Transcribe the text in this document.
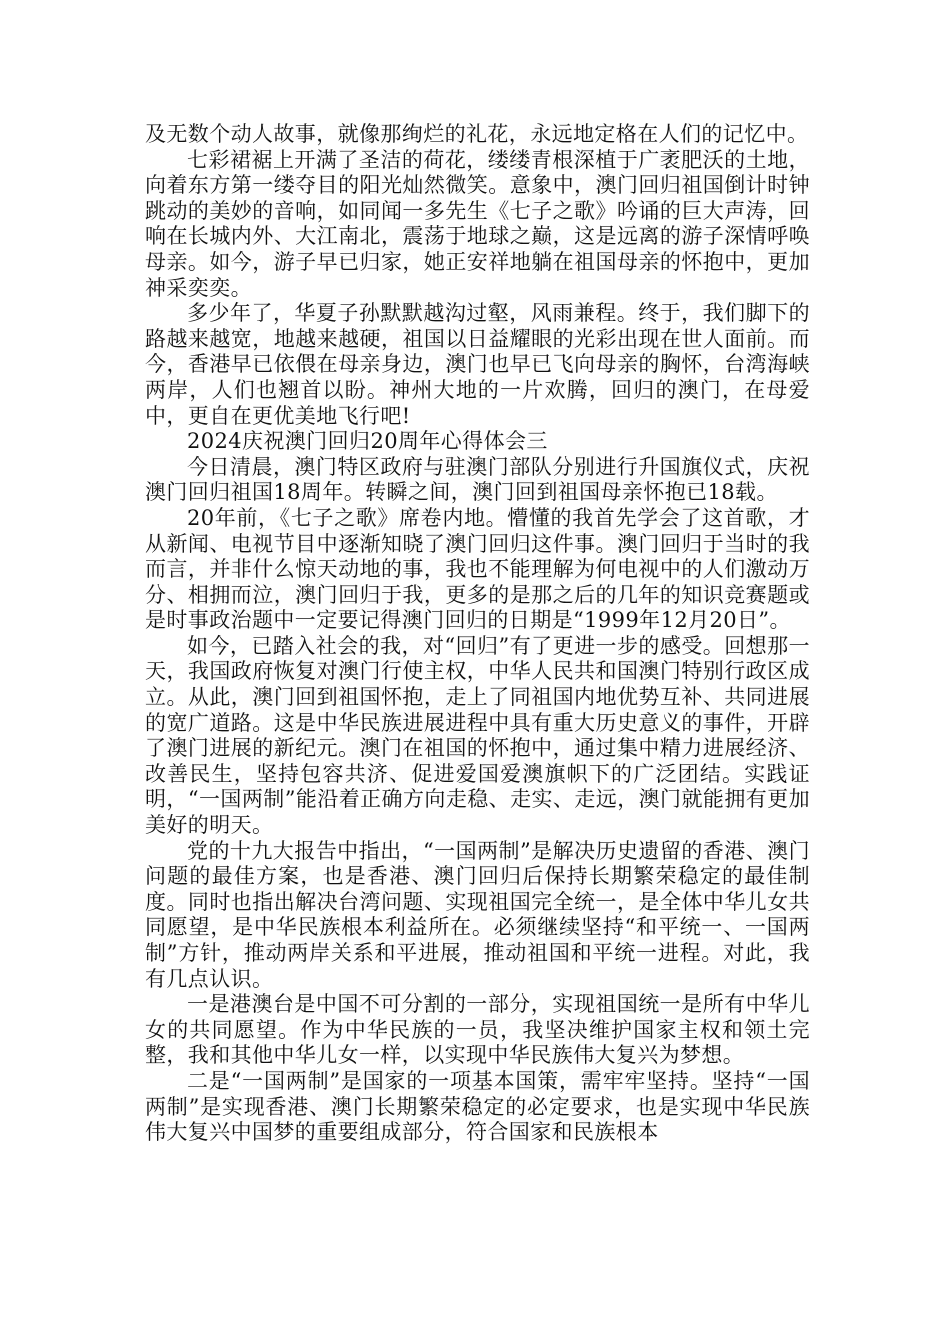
及无数个动人故事，就像那绚烂的礼花，永远地定格在人们的记忆中。

七彩裙裾上开满了圣洁的荷花，缕缕青根深植于广袤肥沃的土地，向着东方第一缕夺目的阳光灿然微笑。意象中，澳门回归祖国倒计时钟跳动的美妙的音响，如同闻一多先生《七子之歌》吟诵的巨大声涛，回响在长城内外、大江南北，震荡于地球之巅，这是远离的游子深情呼唤母亲。如今，游子早已归家，她正安祥地躺在祖国母亲的怀抱中，更加神采奕奕。

多少年了，华夏子孙默默越沟过壑，风雨兼程。终于，我们脚下的路越来越宽，地越来越硬，祖国以日益耀眼的光彩出现在世人面前。而今，香港早已依偎在母亲身边，澳门也早已飞向母亲的胸怀，台湾海峡两岸，人们也翘首以盼。神州大地的一片欢腾，回归的澳门，在母爱中，更自在更优美地飞行吧!

2024庆祝澳门回归20周年心得体会三

今日清晨，澳门特区政府与驻澳门部队分别进行升国旗仪式，庆祝澳门回归祖国18周年。转瞬之间，澳门回到祖国母亲怀抱已18载。

20年前，《七子之歌》席卷内地。懵懂的我首先学会了这首歌，才从新闻、电视节目中逐渐知晓了澳门回归这件事。澳门回归于当时的我而言，并非什么惊天动地的事，我也不能理解为何电视中的人们激动万分、相拥而泣，澳门回归于我，更多的是那之后的几年的知识竞赛题或是时事政治题中一定要记得澳门回归的日期是“1999年12月20日”。

如今，已踏入社会的我，对“回归”有了更进一步的感受。回想那一天，我国政府恢复对澳门行使主权，中华人民共和国澳门特别行政区成立。从此，澳门回到祖国怀抱，走上了同祖国内地优势互补、共同进展的宽广道路。这是中华民族进展进程中具有重大历史意义的事件，开辟了澳门进展的新纪元。澳门在祖国的怀抱中，通过集中精力进展经济、改善民生，坚持包容共济、促进爱国爱澳旗帜下的广泛团结。实践证明，“一国两制”能沿着正确方向走稳、走实、走远，澳门就能拥有更加美好的明天。

党的十九大报告中指出，“一国两制”是解决历史遗留的香港、澳门问题的最佳方案，也是香港、澳门回归后保持长期繁荣稳定的最佳制度。同时也指出解决台湾问题、实现祖国完全统一，是全体中华儿女共同愿望，是中华民族根本利益所在。必须继续坚持“和平统一、一国两制”方针，推动两岸关系和平进展，推动祖国和平统一进程。对此，我有几点认识。

一是港澳台是中国不可分割的一部分，实现祖国统一是所有中华儿女的共同愿望。作为中华民族的一员，我坚决维护国家主权和领土完整，我和其他中华儿女一样，以实现中华民族伟大复兴为梦想。

二是“一国两制”是国家的一项基本国策，需牢牢坚持。坚持“一国两制”是实现香港、澳门长期繁荣稳定的必定要求，也是实现中华民族伟大复兴中国梦的重要组成部分，符合国家和民族根本
